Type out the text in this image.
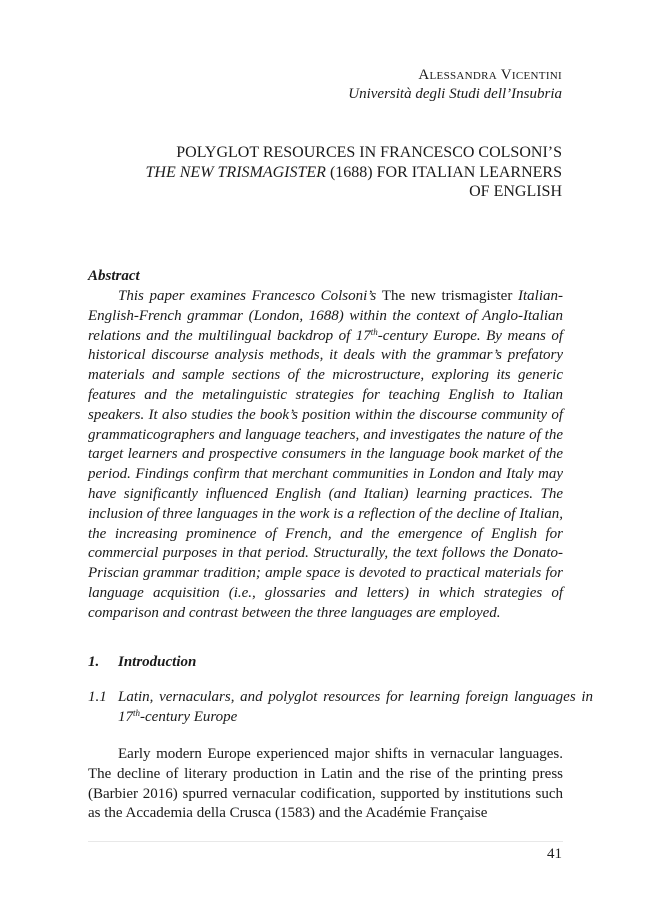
Alessandra Vicentini
Università degli Studi dell’Insubria
POLYGLOT RESOURCES IN FRANCESCO COLSONI’S
THE NEW TRISMAGISTER (1688) FOR ITALIAN LEARNERS
OF ENGLISH
Abstract
This paper examines Francesco Colsoni’s The new trismagister Italian-English-French grammar (London, 1688) within the context of Anglo-Italian relations and the multilingual backdrop of 17th-century Europe. By means of historical discourse analysis methods, it deals with the grammar’s prefatory materials and sample sections of the microstructure, exploring its generic features and the metalinguistic strategies for teaching English to Italian speakers. It also studies the book’s position within the discourse community of grammaticographers and language teachers, and investigates the nature of the target learners and prospective consumers in the language book market of the period. Findings confirm that merchant communities in London and Italy may have significantly influenced English (and Italian) learning practices. The inclusion of three languages in the work is a reflection of the decline of Italian, the increasing prominence of French, and the emergence of English for commercial purposes in that period. Structurally, the text follows the Donato-Priscian grammar tradition; ample space is devoted to practical materials for language acquisition (i.e., glossaries and letters) in which strategies of comparison and contrast between the three languages are employed.
1. Introduction
1.1 Latin, vernaculars, and polyglot resources for learning foreign languages in 17th-century Europe
Early modern Europe experienced major shifts in vernacular languages. The decline of literary production in Latin and the rise of the printing press (Barbier 2016) spurred vernacular codification, supported by institutions such as the Accademia della Crusca (1583) and the Académie Française
41
